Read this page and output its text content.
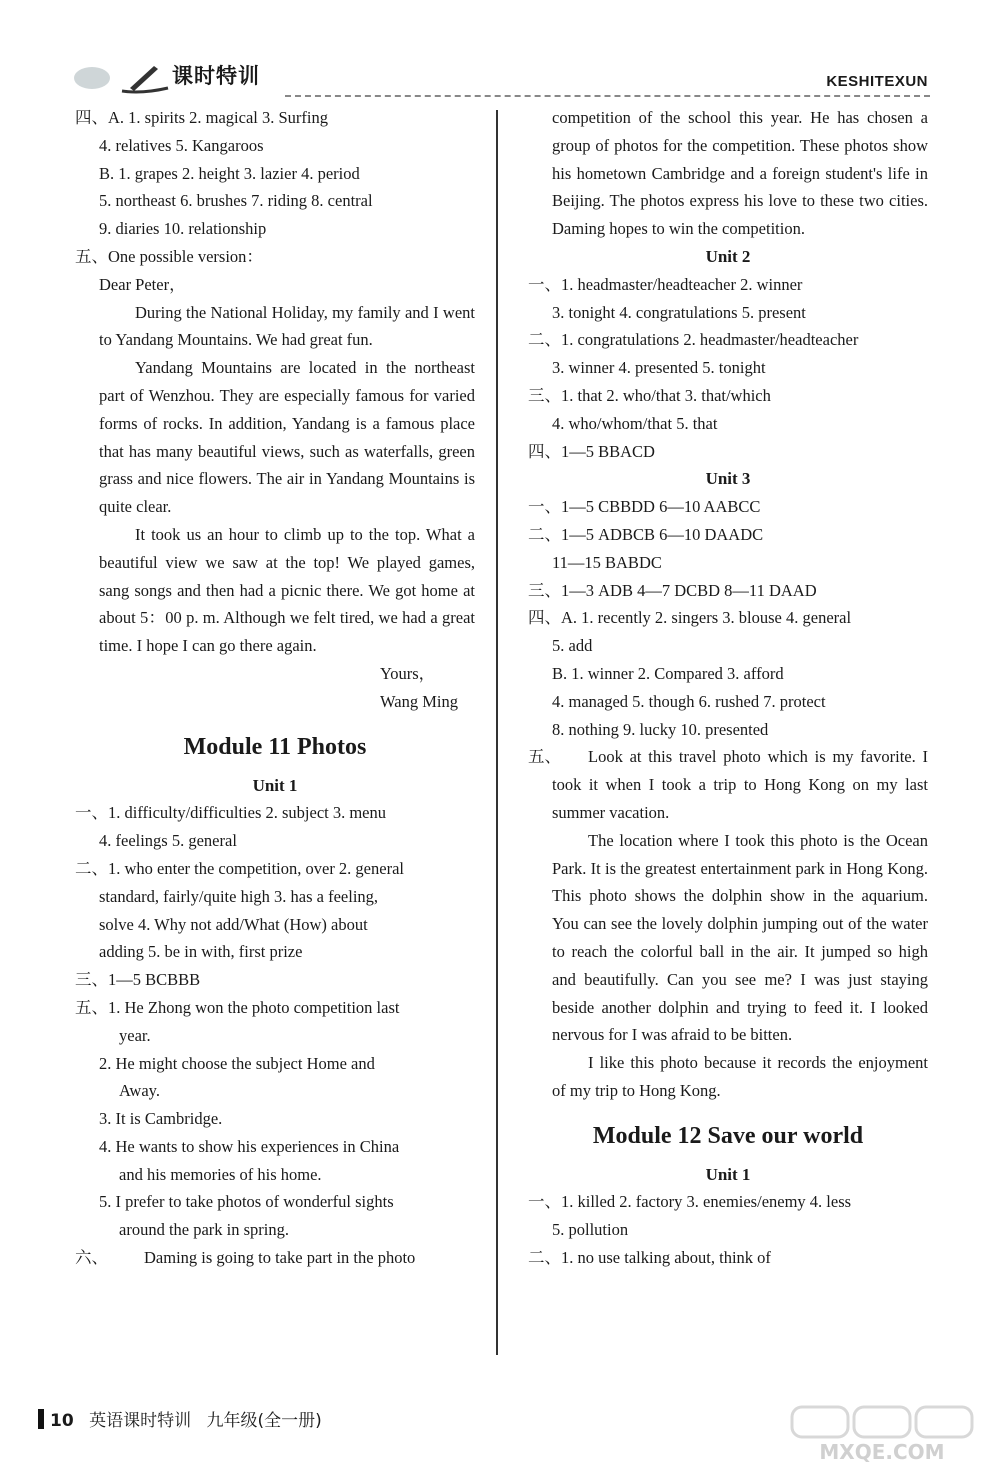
课时特训	KESHITEXUN
四、A. 1. spirits 2. magical 3. Surfing
4. relatives 5. Kangaroos
B. 1. grapes 2. height 3. lazier 4. period
5. northeast 6. brushes 7. riding 8. central
9. diaries 10. relationship
五、One possible version：
Dear Peter，
During the National Holiday, my family and I went to Yandang Mountains. We had great fun.
Yandang Mountains are located in the northeast part of Wenzhou. They are especially famous for varied forms of rocks. In addition, Yandang is a famous place that has many beautiful views, such as waterfalls, green grass and nice flowers. The air in Yandang Mountains is quite clear.
It took us an hour to climb up to the top. What a beautiful view we saw at the top! We played games, sang songs and then had a picnic there. We got home at about 5：00 p. m. Although we felt tired, we had a great time. I hope I can go there again.
Yours，
Wang Ming
Module 11 Photos
Unit 1
一、1. difficulty/difficulties 2. subject 3. menu
4. feelings 5. general
二、1. who enter the competition, over 2. general
standard, fairly/quite high 3. has a feeling,
solve 4. Why not add/What (How) about
adding 5. be in with, first prize
三、1—5 BCBBB
五、1. He Zhong won the photo competition last
year.
2. He might choose the subject Home and
Away.
3. It is Cambridge.
4. He wants to show his experiences in China
and his memories of his home.
5. I prefer to take photos of wonderful sights
around the park in spring.
六、 Daming is going to take part in the photo
competition of the school this year. He has chosen a group of photos for the competition. These photos show his hometown Cambridge and a foreign student's life in Beijing. The photos express his love to these two cities. Daming hopes to win the competition.
Unit 2
一、1. headmaster/headteacher 2. winner
3. tonight 4. congratulations 5. present
二、1. congratulations 2. headmaster/headteacher
3. winner 4. presented 5. tonight
三、1. that 2. who/that 3. that/which
4. who/whom/that 5. that
四、1—5 BBACD
Unit 3
一、1—5 CBBDD 6—10 AABCC
二、1—5 ADBCB 6—10 DAADC
11—15 BABDC
三、1—3 ADB 4—7 DCBD 8—11 DAAD
四、A. 1. recently 2. singers 3. blouse 4. general
5. add
B. 1. winner 2. Compared 3. afford
4. managed 5. though 6. rushed 7. protect
8. nothing 9. lucky 10. presented
五、	Look at this travel photo which is my favorite. I took it when I took a trip to Hong Kong on my last summer vacation.
The location where I took this photo is the Ocean Park. It is the greatest entertainment park in Hong Kong. This photo shows the dolphin show in the aquarium. You can see the lovely dolphin jumping out of the water to reach the colorful ball in the air. It jumped so high and beautifully. Can you see me? I was just staying beside another dolphin and trying to feed it. I looked nervous for I was afraid to be bitten.
I like this photo because it records the enjoyment of my trip to Hong Kong.
Module 12 Save our world
Unit 1
一、1. killed 2. factory 3. enemies/enemy 4. less
5. pollution
二、1. no use talking about, think of
10 英语课时特训 九年级(全一册)
MXQE.COM
